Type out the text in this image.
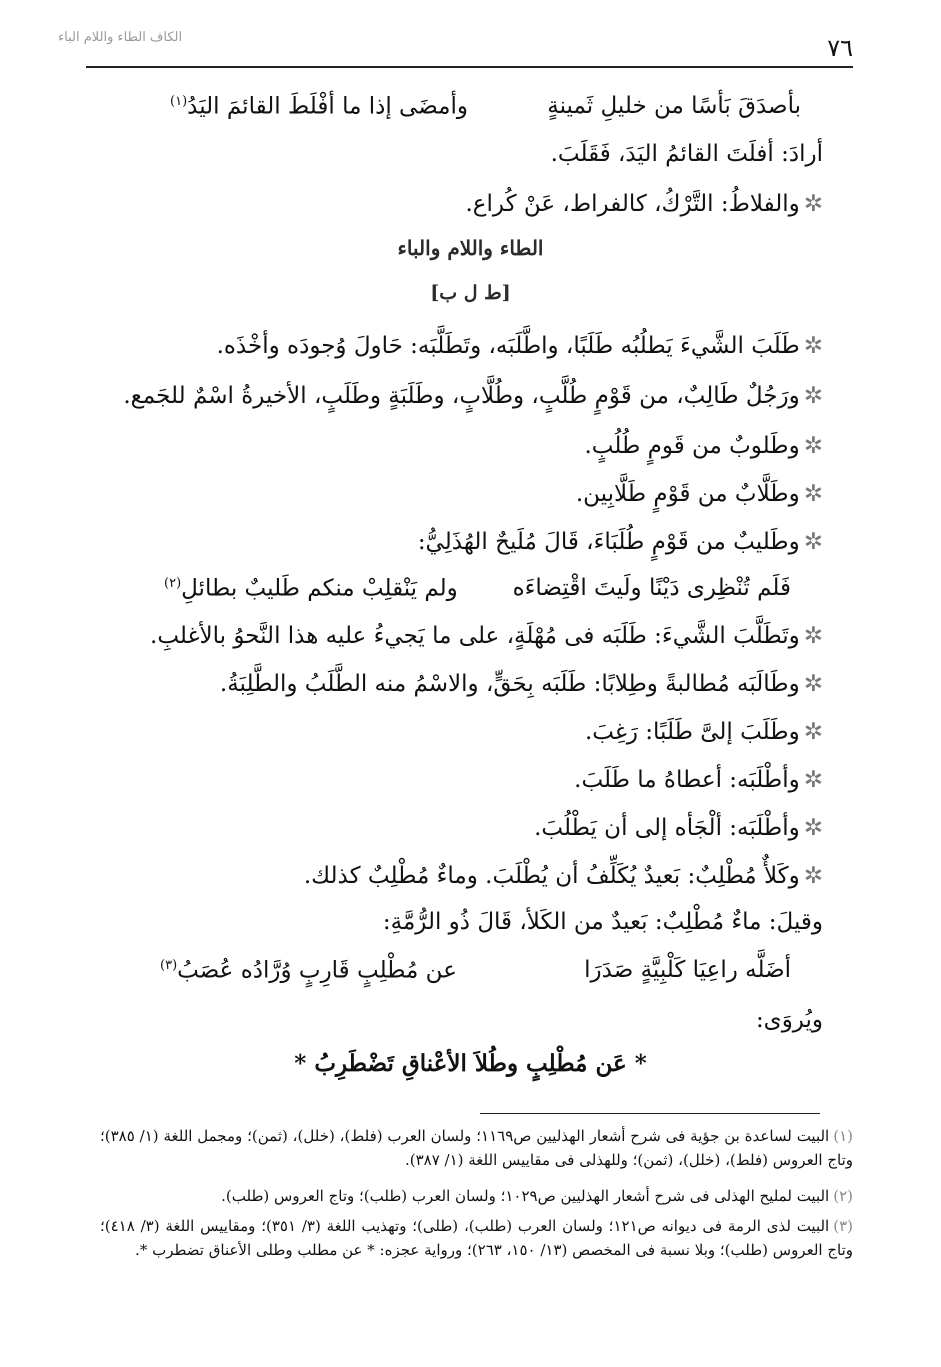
الكاف الطاء واللام الباء	٧٦
بأصدَقَ بَأسًا من خليلِ ثَمينةٍ
وأمضَى إذا ما أفْلَطَ القائمَ اليَدُ$^{(١)}$
أرادَ: أفلَتَ القائمُ اليَدَ، فَقَلَبَ.
✲والفلاطُ: التَّرْكُ، كالفراط، عَنْ كُراع.
الطاء واللام والباء
[ط ل ب]
✲طَلَبَ الشَّيءَ يَطلُبُه طَلَبًا، واطَّلَبَه، وتَطَلَّبَه: حَاولَ وُجودَه وأخْذَه.
✲ورَجُلٌ طَالِبٌ، من قَوْمٍ طُلَّبٍ، وطُلَّابٍ، وطَلَبَةٍ وطَلَبٍ، الأخيرةُ اسْمٌ للجَمع.
✲وطَلوبٌ من قَومٍ طُلُبٍ.
✲وطَلَّابٌ من قَوْمٍ طَلَّابِين.
✲وطَليبٌ من قَوْمٍ طُلَبَاءَ، قَالَ مُلَيحٌ الهُذَلِيُّ:
فَلَم تُنْظِرى دَيْنًا ولَيتَ اقْتِضاءَه
ولم يَنْقلِبْ منكم طَليبٌ بطائلِ$^{(٢)}$
✲وتَطَلَّبَ الشَّيءَ: طَلَبَه فى مُهْلَةٍ، على ما يَجيءُ عليه هذا النَّحوُ بالأغلبِ.
✲وطَالَبَه مُطالبةً وطِلابًا: طَلَبَه بِحَقٍّ، والاسْمُ منه الطَّلَبُ والطَّلِبَةُ.
✲وطَلَبَ إلىَّ طَلَبًا: رَغِبَ.
✲وأطْلَبَه: أعطاهُ ما طَلَبَ.
✲وأطْلَبَه: ألْجَأه إلى أن يَطْلُبَ.
✲وكَلأٌ مُطْلِبٌ: بَعيدٌ يُكَلِّفُ أن يُطْلَبَ. وماءٌ مُطْلِبٌ كذلك.
وقيلَ: ماءٌ مُطْلِبٌ: بَعيدٌ من الكَلأ، قَالَ ذُو الرُّمَّةِ:
أضَلَّه راعِيَا كَلْبِيَّةٍ صَدَرَا
عن مُطْلِبٍ قَارِبٍ وُرَّادُه عُصَبُ$^{(٣)}$
ويُروَى:
* عَن مُطْلِبٍ وطُلاَ الأعْناقِ تَضْطَرِبُ *
(١)البيت لساعدة بن جؤية فى شرح أشعار الهذليين ص١١٦٩؛ ولسان العرب (فلط)، (خلل)، (ثمن)؛ ومجمل اللغة (١/ ٣٨٥)؛ وتاج العروس (فلط)، (خلل)، (ثمن)؛ وللهذلى فى مقاييس اللغة (١/ ٣٨٧).
(٢)البيت لمليح الهذلى فى شرح أشعار الهذليين ص١٠٢٩؛ ولسان العرب (طلب)؛ وتاج العروس (طلب).
(٣)البيت لذى الرمة فى ديوانه ص١٢١؛ ولسان العرب (طلب)، (طلى)؛ وتهذيب اللغة (٣/ ٣٥١)؛ ومقاييس اللغة (٣/ ٤١٨)؛ وتاج العروس (طلب)؛ وبلا نسبة فى المخصص (١٣/ ١٥٠، ٢٦٣)؛ ورواية عجزه: * عن مطلب وطلى الأعناق تضطرب *.
